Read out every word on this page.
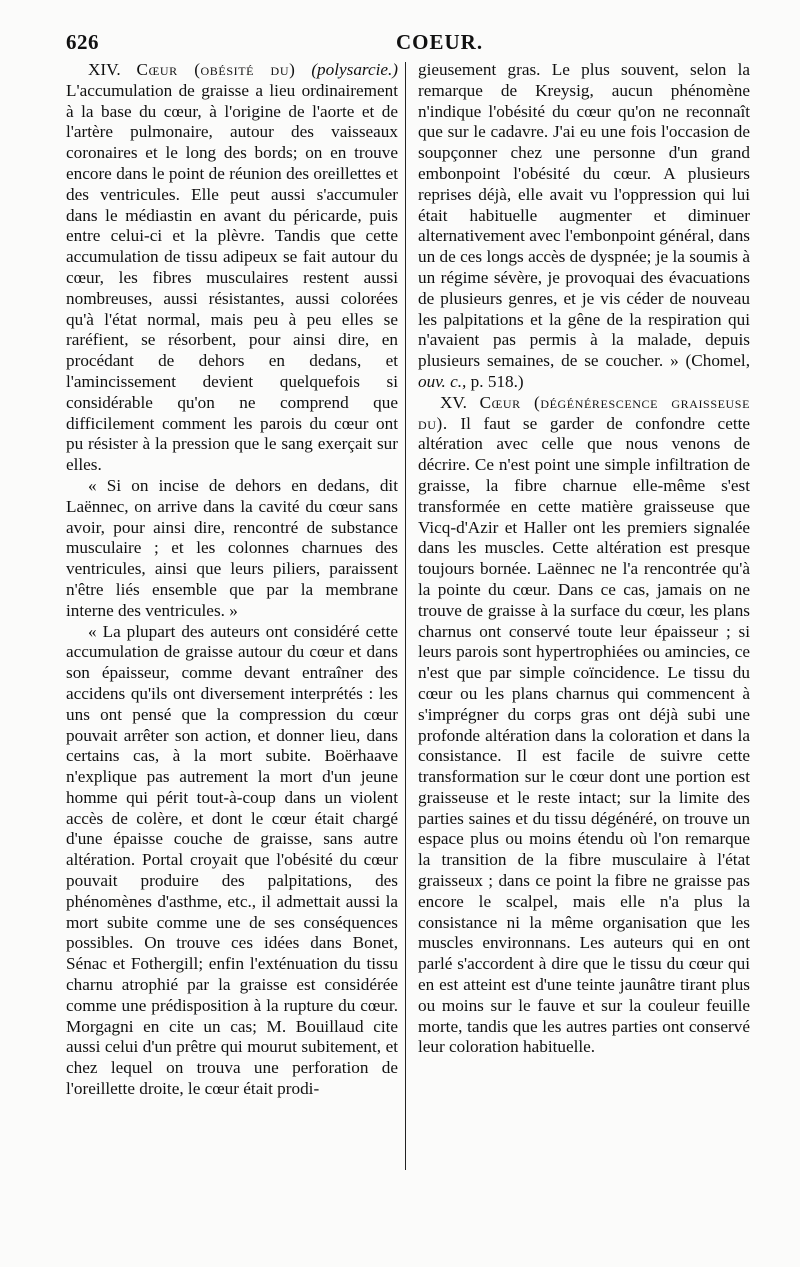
626	COEUR.

XIV. Cœur (obésité du) (polysarcie.) L'accumulation de graisse a lieu ordinairement à la base du cœur, à l'origine de l'aorte et de l'artère pulmonaire, autour des vaisseaux coronaires et le long des bords; on en trouve encore dans le point de réunion des oreillettes et des ventricules. Elle peut aussi s'accumuler dans le médiastin en avant du péricarde, puis entre celui-ci et la plèvre. Tandis que cette accumulation de tissu adipeux se fait autour du cœur, les fibres musculaires restent aussi nombreuses, aussi résistantes, aussi colorées qu'à l'état normal, mais peu à peu elles se raréfient, se résorbent, pour ainsi dire, en procédant de dehors en dedans, et l'amincissement devient quelquefois si considérable qu'on ne comprend que difficilement comment les parois du cœur ont pu résister à la pression que le sang exerçait sur elles.

« Si on incise de dehors en dedans, dit Laënnec, on arrive dans la cavité du cœur sans avoir, pour ainsi dire, rencontré de substance musculaire ; et les colonnes charnues des ventricules, ainsi que leurs piliers, paraissent n'être liés ensemble que par la membrane interne des ventricules. »

« La plupart des auteurs ont considéré cette accumulation de graisse autour du cœur et dans son épaisseur, comme devant entraîner des accidens qu'ils ont diversement interprétés : les uns ont pensé que la compression du cœur pouvait arrêter son action, et donner lieu, dans certains cas, à la mort subite. Boërhaave n'explique pas autrement la mort d'un jeune homme qui périt tout-à-coup dans un violent accès de colère, et dont le cœur était chargé d'une épaisse couche de graisse, sans autre altération. Portal croyait que l'obésité du cœur pouvait produire des palpitations, des phénomènes d'asthme, etc., il admettait aussi la mort subite comme une de ses conséquences possibles. On trouve ces idées dans Bonet, Sénac et Fothergill; enfin l'exténuation du tissu charnu atrophié par la graisse est considérée comme une prédisposition à la rupture du cœur. Morgagni en cite un cas; M. Bouillaud cite aussi celui d'un prêtre qui mourut subitement, et chez lequel on trouva une perforation de l'oreillette droite, le cœur était prodi-

gieusement gras. Le plus souvent, selon la remarque de Kreysig, aucun phénomène n'indique l'obésité du cœur qu'on ne reconnaît que sur le cadavre. J'ai eu une fois l'occasion de soupçonner chez une personne d'un grand embonpoint l'obésité du cœur. A plusieurs reprises déjà, elle avait vu l'oppression qui lui était habituelle augmenter et diminuer alternativement avec l'embonpoint général, dans un de ces longs accès de dyspnée; je la soumis à un régime sévère, je provoquai des évacuations de plusieurs genres, et je vis céder de nouveau les palpitations et la gêne de la respiration qui n'avaient pas permis à la malade, depuis plusieurs semaines, de se coucher. » (Chomel, ouv. c., p. 518.)

XV. Cœur (dégénérescence graisseuse du). Il faut se garder de confondre cette altération avec celle que nous venons de décrire. Ce n'est point une simple infiltration de graisse, la fibre charnue elle-même s'est transformée en cette matière graisseuse que Vicq-d'Azir et Haller ont les premiers signalée dans les muscles. Cette altération est presque toujours bornée. Laënnec ne l'a rencontrée qu'à la pointe du cœur. Dans ce cas, jamais on ne trouve de graisse à la surface du cœur, les plans charnus ont conservé toute leur épaisseur ; si leurs parois sont hypertrophiées ou amincies, ce n'est que par simple coïncidence. Le tissu du cœur ou les plans charnus qui commencent à s'imprégner du corps gras ont déjà subi une profonde altération dans la coloration et dans la consistance. Il est facile de suivre cette transformation sur le cœur dont une portion est graisseuse et le reste intact; sur la limite des parties saines et du tissu dégénéré, on trouve un espace plus ou moins étendu où l'on remarque la transition de la fibre musculaire à l'état graisseux ; dans ce point la fibre ne graisse pas encore le scalpel, mais elle n'a plus la consistance ni la même organisation que les muscles environnans. Les auteurs qui en ont parlé s'accordent à dire que le tissu du cœur qui en est atteint est d'une teinte jaunâtre tirant plus ou moins sur le fauve et sur la couleur feuille morte, tandis que les autres parties ont conservé leur coloration habituelle.
